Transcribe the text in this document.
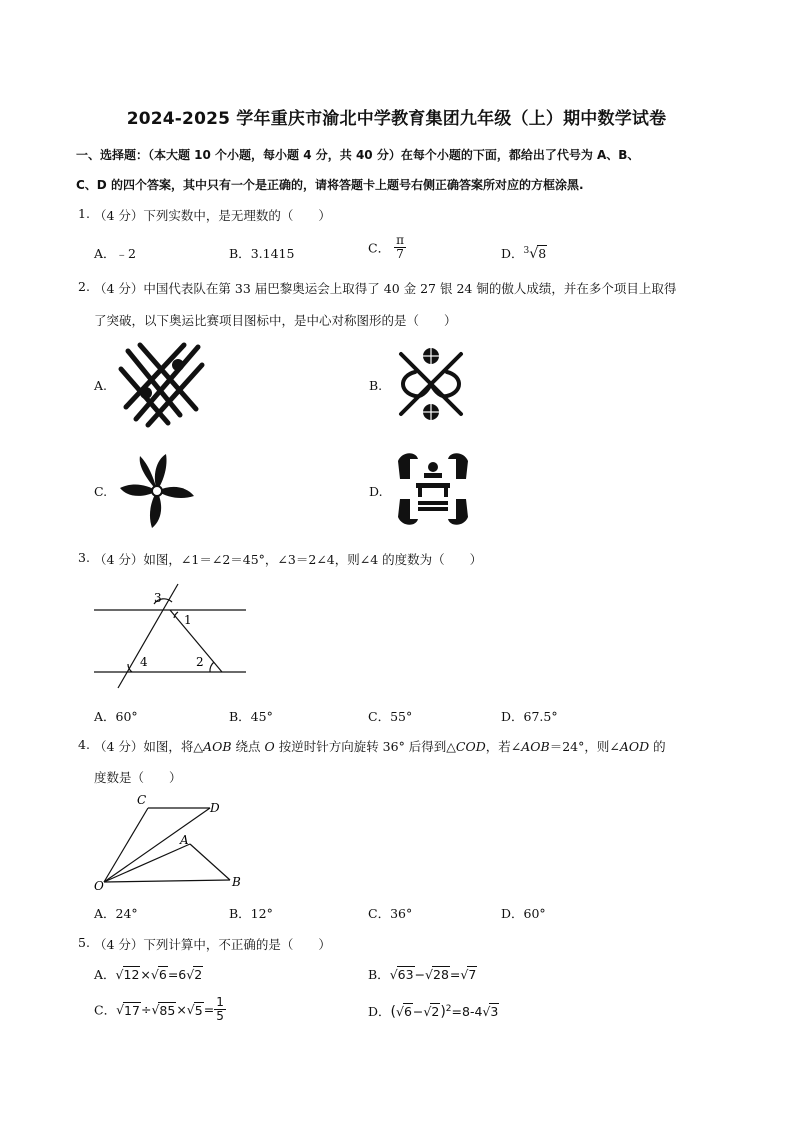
2024-2025 学年重庆市渝北中学教育集团九年级（上）期中数学试卷
一、选择题：（本大题 10 个小题，每小题 4 分，共 40 分）在每个小题的下面，都给出了代号为 A、B、
C、D 的四个答案，其中只有一个是正确的，请将答题卡上题号右侧正确答案所对应的方框涂黑.
1. （4 分）下列实数中，是无理数的（　　）
A．﹣2	B．3.1415	C． $\frac{\pi}{7}$	D．$^3$√8
2. （4 分）中国代表队在第 33 届巴黎奥运会上取得了 40 金 27 银 24 铜的傲人成绩，并在多个项目上取得
了突破，以下奥运比赛项目图标中，是中心对称图形的是（　　）
A.	B.
C.	D.
3. （4 分）如图，∠1＝∠2＝45°，∠3＝2∠4，则∠4 的度数为（　　）
3
1
4	2
A．60°	B．45°	C．55°	D．67.5°
4. （4 分）如图，将△AOB 绕点 O 按逆时针方向旋转 36° 后得到△COD，若∠AOB＝24°，则∠AOD 的
度数是（　　）
C
D
A
O	B
A．24°	B．12°	C．36°	D．60°
5. （4 分）下列计算中，不正确的是（　　）
A．√12×√6=6√2	B．√63−√28=√7
C．$√17\div√85\times√5= \frac{1}{5}$	D．$(√6-√2)^2=8-4√3$
